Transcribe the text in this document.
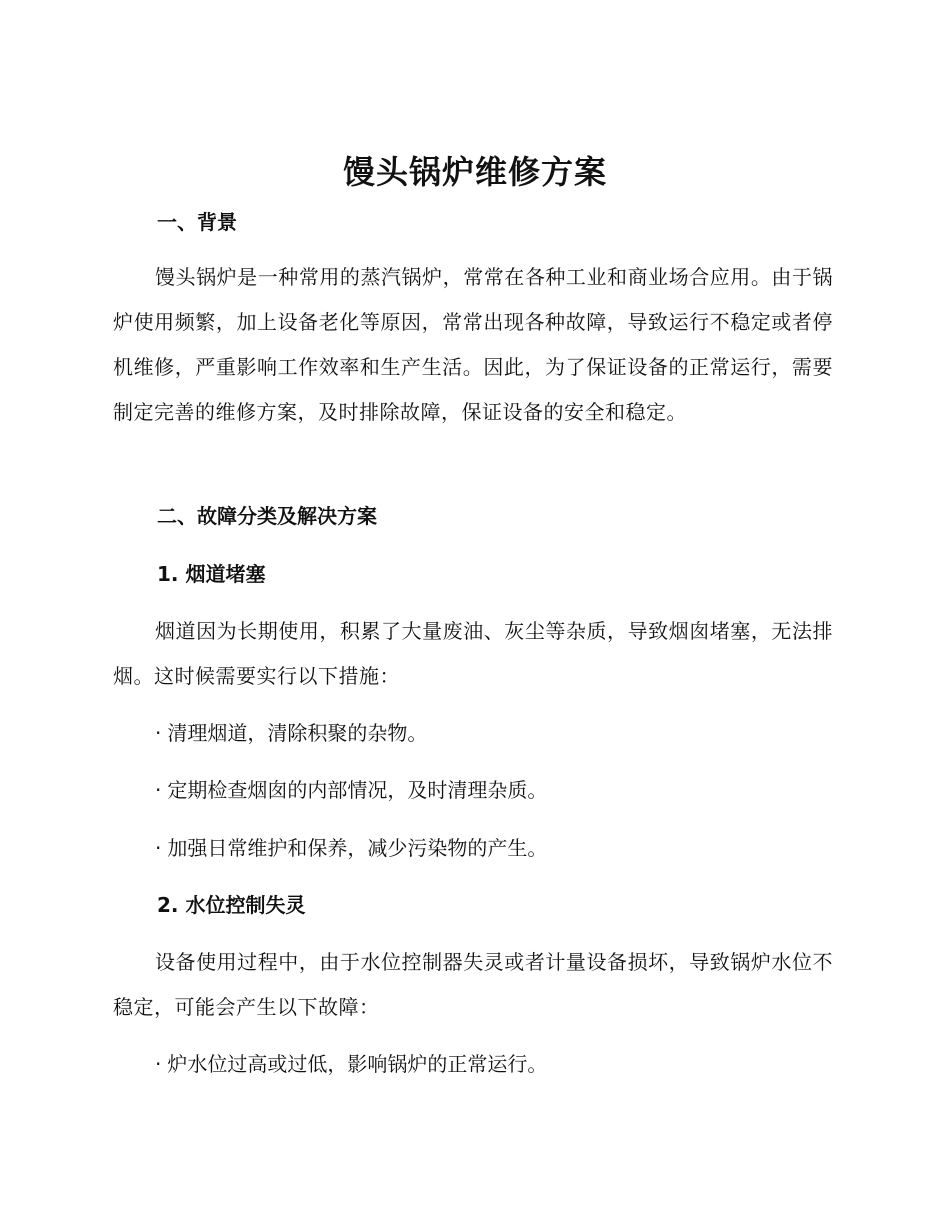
馒头锅炉维修方案
一、背景
馒头锅炉是一种常用的蒸汽锅炉，常常在各种工业和商业场合应用。由于锅炉使用频繁，加上设备老化等原因，常常出现各种故障，导致运行不稳定或者停机维修，严重影响工作效率和生产生活。因此，为了保证设备的正常运行，需要制定完善的维修方案，及时排除故障，保证设备的安全和稳定。
二、故障分类及解决方案
1. 烟道堵塞
烟道因为长期使用，积累了大量废油、灰尘等杂质，导致烟囱堵塞，无法排烟。这时候需要实行以下措施：
· 清理烟道，清除积聚的杂物。
· 定期检查烟囱的内部情况，及时清理杂质。
· 加强日常维护和保养，减少污染物的产生。
2. 水位控制失灵
设备使用过程中，由于水位控制器失灵或者计量设备损坏，导致锅炉水位不稳定，可能会产生以下故障：
· 炉水位过高或过低，影响锅炉的正常运行。
